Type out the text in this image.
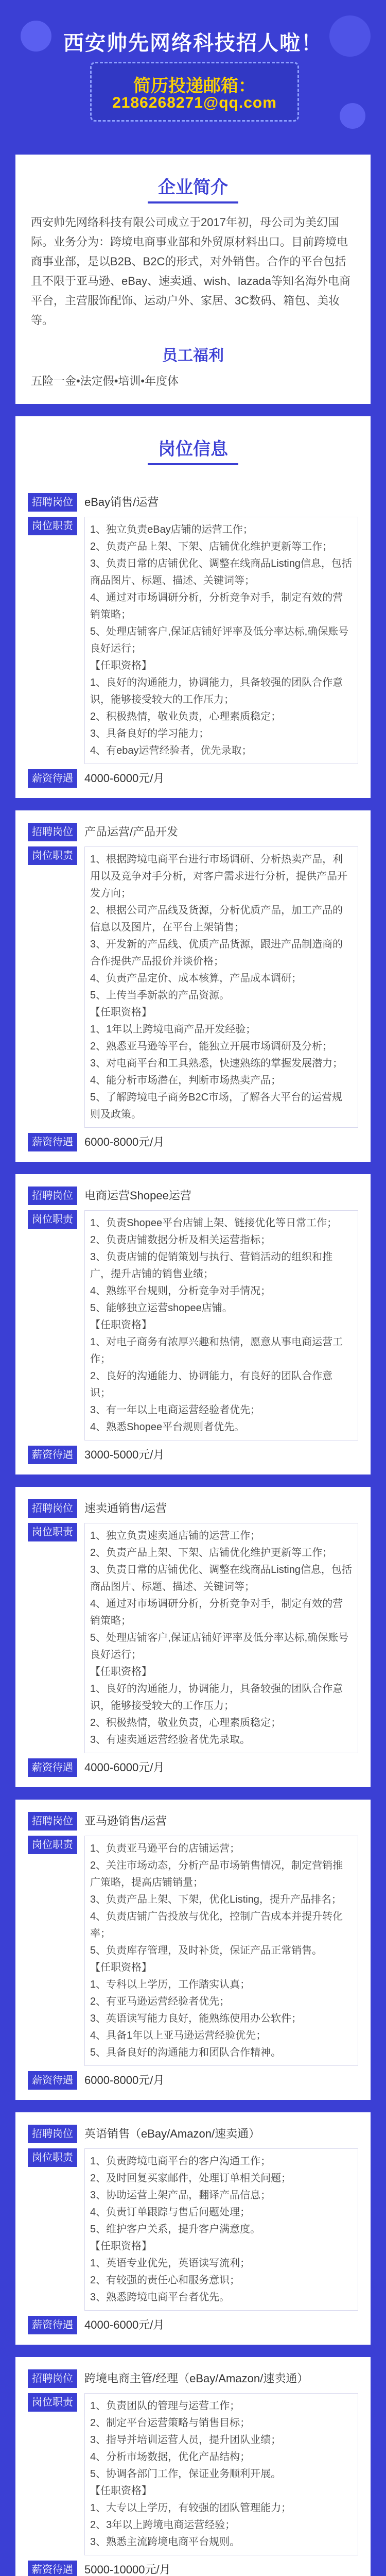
西安帅先网络科技招人啦！
简历投递邮箱：
2186268271@qq.com
企业简介
西安帅先网络科技有限公司成立于2017年初，母公司为美幻国际。业务分为：跨境电商事业部和外贸原材料出口。目前跨境电商事业部，是以B2B、B2C的形式，对外销售。合作的平台包括且不限于亚马逊、eBay、速卖通、wish、lazada等知名海外电商平台，主营服饰配饰、运动户外、家居、3C数码、箱包、美妆等。
员工福利
五险一金•法定假•培训•年度体
岗位信息
招聘岗位	eBay销售/运营
岗位职责	1、独立负责eBay店铺的运营工作；
2、负责产品上架、下架、店铺优化维护更新等工作；
3、负责日常的店铺优化、调整在线商品Listing信息，包括商品图片、标题、描述、关键词等；
4、通过对市场调研分析，分析竞争对手，制定有效的营销策略；
5、处理店铺客户,保证店铺好评率及低分率达标,确保账号良好运行；
【任职资格】
1、良好的沟通能力，协调能力，具备较强的团队合作意识，能够接受较大的工作压力；
2、积极热情，敬业负责，心理素质稳定；
3、具备良好的学习能力；
4、有ebay运营经验者，优先录取；
薪资待遇	4000-6000元/月
招聘岗位	产品运营/产品开发
岗位职责	1、根据跨境电商平台进行市场调研、分析热卖产品，利用以及竞争对手分析，对客户需求进行分析，提供产品开发方向；
2、根据公司产品线及货源，分析优质产品，加工产品的信息以及图片，在平台上架销售；
3、开发新的产品线、优质产品货源，跟进产品制造商的合作提供产品报价并谈价格；
4、负责产品定价、成本核算，产品成本调研；
5、上传当季新款的产品资源。
【任职资格】
1、1年以上跨境电商产品开发经验；
2、熟悉亚马逊等平台，能独立开展市场调研及分析；
3、对电商平台和工具熟悉，快速熟练的掌握发展潜力；
4、能分析市场潜在，判断市场热卖产品；
5、了解跨境电子商务B2C市场，了解各大平台的运营规则及政策。
薪资待遇	6000-8000元/月
招聘岗位	电商运营Shopee运营
岗位职责	1、负责Shopee平台店铺上架、链接优化等日常工作；
2、负责店铺数据分析及相关运营指标；
3、负责店铺的促销策划与执行、营销活动的组织和推广，提升店铺的销售业绩；
4、熟练平台规则，分析竞争对手情况；
5、能够独立运营shopee店铺。
【任职资格】
1、对电子商务有浓厚兴趣和热情，愿意从事电商运营工作；
2、良好的沟通能力、协调能力，有良好的团队合作意识；
3、有一年以上电商运营经验者优先；
4、熟悉Shopee平台规则者优先。
薪资待遇	3000-5000元/月
招聘岗位	速卖通销售/运营
岗位职责	1、独立负责速卖通店铺的运营工作；
2、负责产品上架、下架、店铺优化维护更新等工作；
3、负责日常的店铺优化、调整在线商品Listing信息，包括商品图片、标题、描述、关键词等；
4、通过对市场调研分析，分析竞争对手，制定有效的营销策略；
5、处理店铺客户,保证店铺好评率及低分率达标,确保账号良好运行；
【任职资格】
1、良好的沟通能力，协调能力，具备较强的团队合作意识，能够接受较大的工作压力；
2、积极热情，敬业负责，心理素质稳定；
3、有速卖通运营经验者优先录取。
薪资待遇	4000-6000元/月
招聘岗位	亚马逊销售/运营
岗位职责	1、负责亚马逊平台的店铺运营；
2、关注市场动态，分析产品市场销售情况，制定营销推广策略，提高店铺销量；
3、负责产品上架、下架，优化Listing，提升产品排名；
4、负责店铺广告投放与优化，控制广告成本并提升转化率；
5、负责库存管理，及时补货，保证产品正常销售。
【任职资格】
1、专科以上学历，工作踏实认真；
2、有亚马逊运营经验者优先；
3、英语读写能力良好，能熟练使用办公软件；
4、具备1年以上亚马逊运营经验优先；
5、具备良好的沟通能力和团队合作精神。
薪资待遇	6000-8000元/月
招聘岗位	英语销售（eBay/Amazon/速卖通）
岗位职责	1、负责跨境电商平台的客户沟通工作；
2、及时回复买家邮件，处理订单相关问题；
3、协助运营上架产品，翻译产品信息；
4、负责订单跟踪与售后问题处理；
5、维护客户关系，提升客户满意度。
【任职资格】
1、英语专业优先，英语读写流利；
2、有较强的责任心和服务意识；
3、熟悉跨境电商平台者优先。
薪资待遇	4000-6000元/月
招聘岗位	跨境电商主管/经理（eBay/Amazon/速卖通）
岗位职责	1、负责团队的管理与运营工作；
2、制定平台运营策略与销售目标；
3、指导并培训运营人员，提升团队业绩；
4、分析市场数据，优化产品结构；
5、协调各部门工作，保证业务顺利开展。
【任职资格】
1、大专以上学历，有较强的团队管理能力；
2、3年以上跨境电商运营经验；
3、熟悉主流跨境电商平台规则。
薪资待遇	5000-10000元/月
